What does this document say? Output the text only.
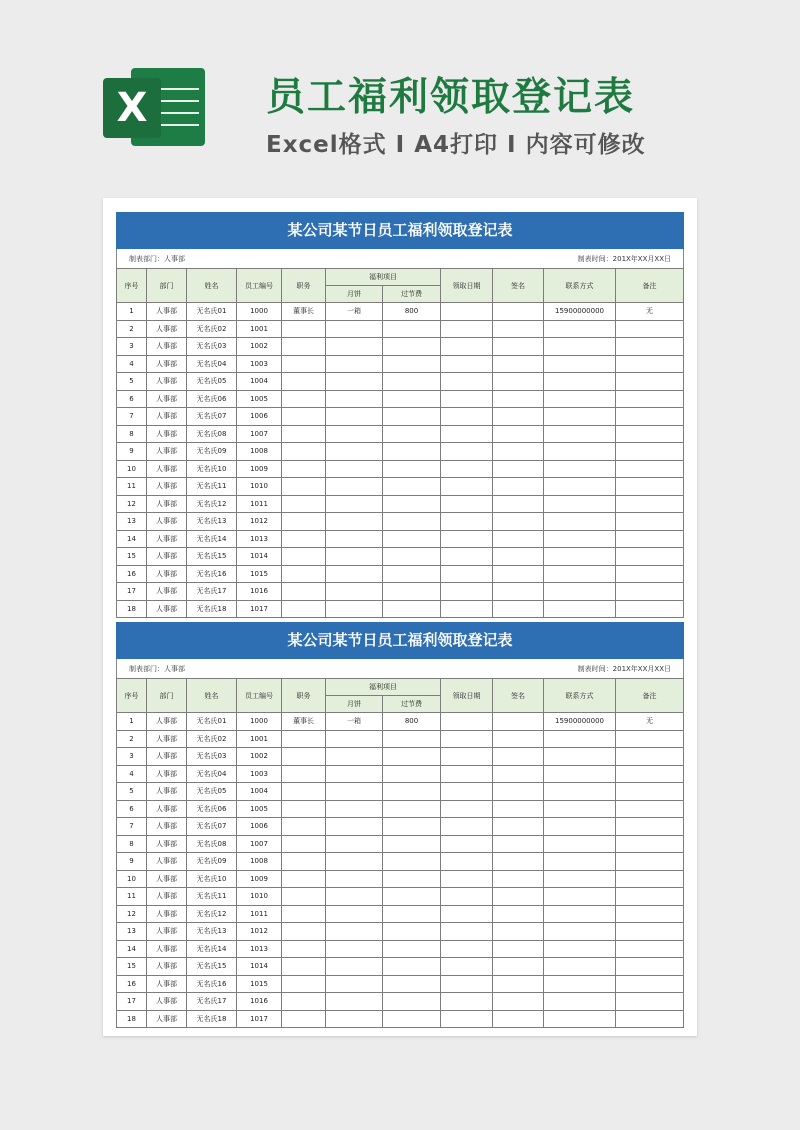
X	员工福利领取登记表
Excel格式 I A4打印 I 内容可修改
某公司某节日员工福利领取登记表
制表部门：人事部	制表时间：201X年XX月XX日
序号	部门	姓名	员工编号	职务	福利项目		领取日期	签名	联系方式	备注
					月饼	过节费				
1	人事部	无名氏01	1000	董事长	一箱	800			15900000000	无
2	人事部	无名氏02	1001							
3	人事部	无名氏03	1002							
4	人事部	无名氏04	1003							
5	人事部	无名氏05	1004							
6	人事部	无名氏06	1005							
7	人事部	无名氏07	1006							
8	人事部	无名氏08	1007							
9	人事部	无名氏09	1008							
10	人事部	无名氏10	1009							
11	人事部	无名氏11	1010							
12	人事部	无名氏12	1011							
13	人事部	无名氏13	1012							
14	人事部	无名氏14	1013							
15	人事部	无名氏15	1014							
16	人事部	无名氏16	1015							
17	人事部	无名氏17	1016							
18	人事部	无名氏18	1017							
某公司某节日员工福利领取登记表
制表部门：人事部	制表时间：201X年XX月XX日
序号	部门	姓名	员工编号	职务	福利项目		领取日期	签名	联系方式	备注
					月饼	过节费				
1	人事部	无名氏01	1000	董事长	一箱	800			15900000000	无
2	人事部	无名氏02	1001							
3	人事部	无名氏03	1002							
4	人事部	无名氏04	1003							
5	人事部	无名氏05	1004							
6	人事部	无名氏06	1005							
7	人事部	无名氏07	1006							
8	人事部	无名氏08	1007							
9	人事部	无名氏09	1008							
10	人事部	无名氏10	1009							
11	人事部	无名氏11	1010							
12	人事部	无名氏12	1011							
13	人事部	无名氏13	1012							
14	人事部	无名氏14	1013							
15	人事部	无名氏15	1014							
16	人事部	无名氏16	1015							
17	人事部	无名氏17	1016							
18	人事部	无名氏18	1017							
